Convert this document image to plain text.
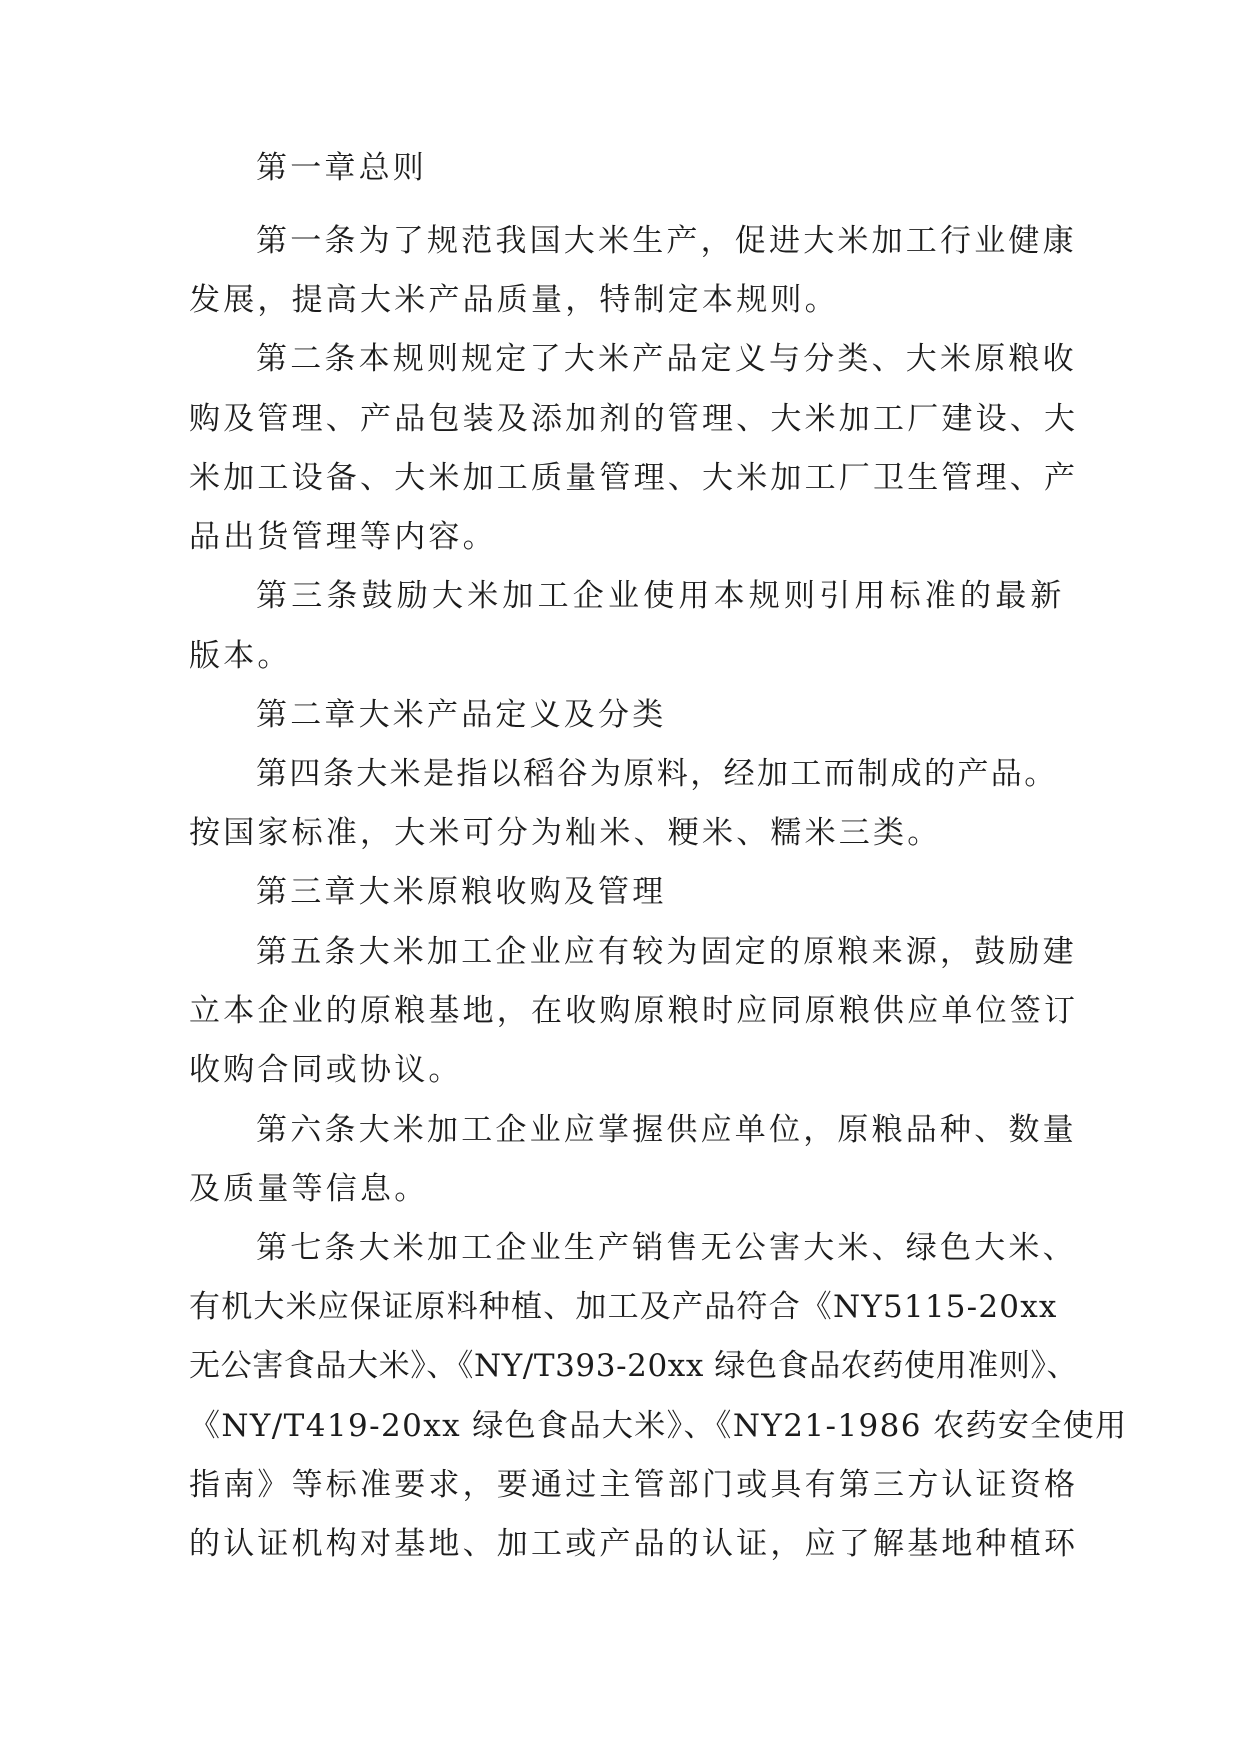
第一章总则
第一条为了规范我国大米生产，促进大米加工行业健康
发展，提高大米产品质量，特制定本规则。
第二条本规则规定了大米产品定义与分类、大米原粮收
购及管理、产品包装及添加剂的管理、大米加工厂建设、大
米加工设备、大米加工质量管理、大米加工厂卫生管理、产
品出货管理等内容。
第三条鼓励大米加工企业使用本规则引用标准的最新
版本。
第二章大米产品定义及分类
第四条大米是指以稻谷为原料，经加工而制成的产品。
按国家标准，大米可分为籼米、粳米、糯米三类。
第三章大米原粮收购及管理
第五条大米加工企业应有较为固定的原粮来源，鼓励建
立本企业的原粮基地，在收购原粮时应同原粮供应单位签订
收购合同或协议。
第六条大米加工企业应掌握供应单位，原粮品种、数量
及质量等信息。
第七条大米加工企业生产销售无公害大米、绿色大米、
有机大米应保证原料种植、加工及产品符合《NY5115-20xx
无公害食品大米》、《NY/T393-20xx 绿色食品农药使用准则》、
《NY/T419-20xx 绿色食品大米》、《NY21-1986 农药安全使用
指南》等标准要求，要通过主管部门或具有第三方认证资格
的认证机构对基地、加工或产品的认证，应了解基地种植环
